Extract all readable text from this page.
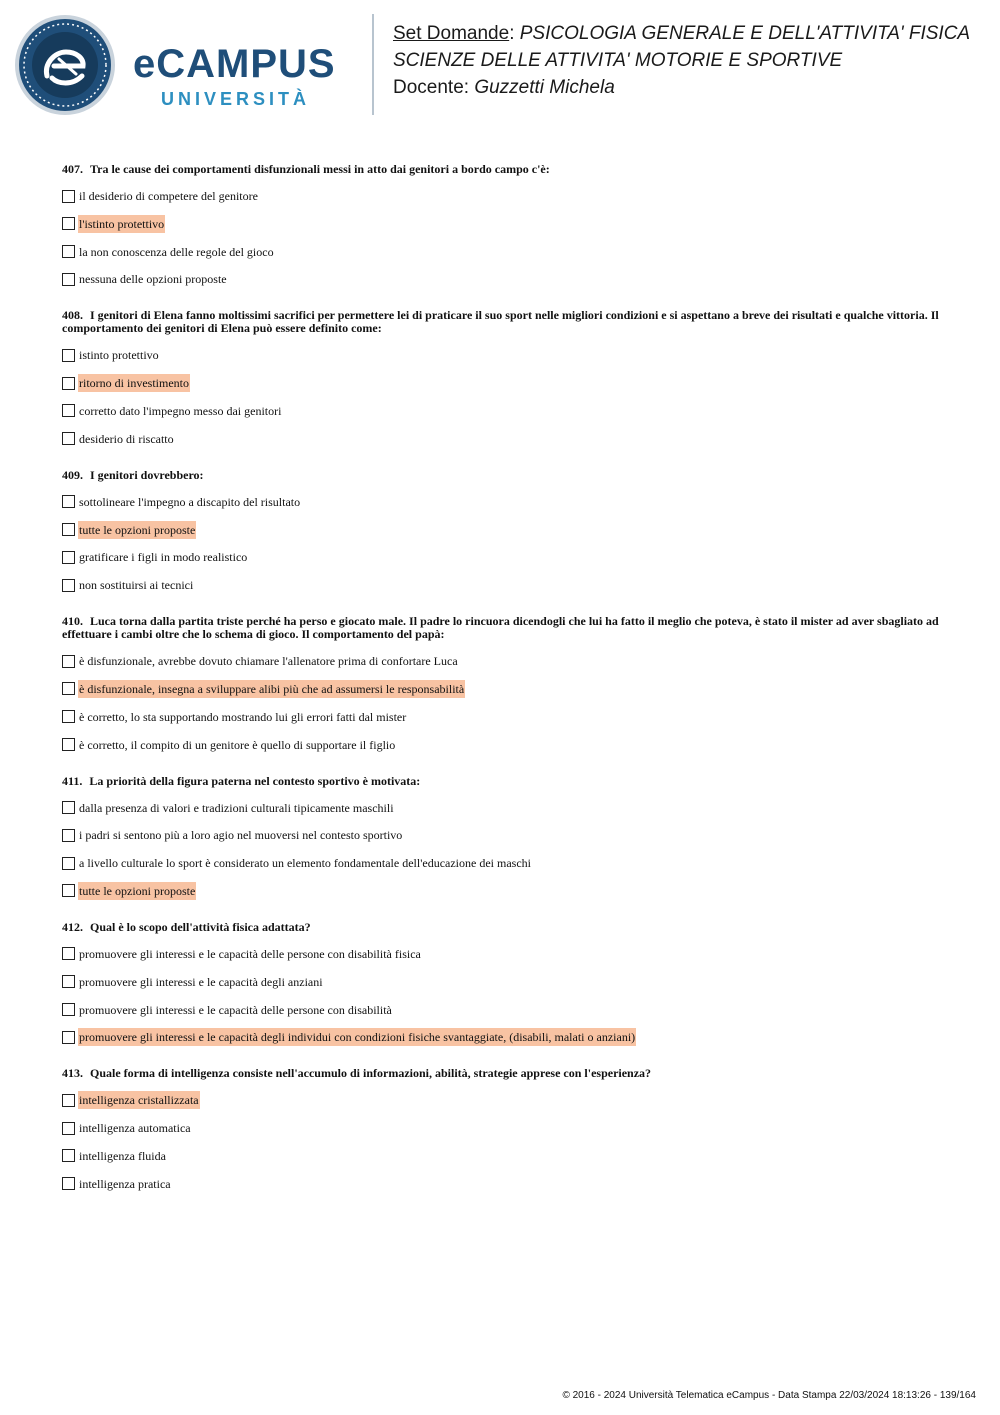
eCAMPUS
UNIVERSITÀ
Set Domande: PSICOLOGIA GENERALE E DELL'ATTIVITA' FISICA
SCIENZE DELLE ATTIVITA' MOTORIE E SPORTIVE
Docente: Guzzetti Michela
407. Tra le cause dei comportamenti disfunzionali messi in atto dai genitori a bordo campo c'è:
il desiderio di competere del genitore
l'istinto protettivo
la non conoscenza delle regole del gioco
nessuna delle opzioni proposte
408. I genitori di Elena fanno moltissimi sacrifici per permettere lei di praticare il suo sport nelle migliori condizioni e si aspettano a breve dei risultati e qualche vittoria. Il comportamento dei genitori di Elena può essere definito come:
istinto protettivo
ritorno di investimento
corretto dato l'impegno messo dai genitori
desiderio di riscatto
409. I genitori dovrebbero:
sottolineare l'impegno a discapito del risultato
tutte le opzioni proposte
gratificare i figli in modo realistico
non sostituirsi ai tecnici
410. Luca torna dalla partita triste perché ha perso e giocato male. Il padre lo rincuora dicendogli che lui ha fatto il meglio che poteva, è stato il mister ad aver sbagliato ad effettuare i cambi oltre che lo schema di gioco. Il comportamento del papà:
è disfunzionale, avrebbe dovuto chiamare l'allenatore prima di confortare Luca
è disfunzionale, insegna a sviluppare alibi più che ad assumersi le responsabilità
è corretto, lo sta supportando mostrando lui gli errori fatti dal mister
è corretto, il compito di un genitore è quello di supportare il figlio
411. La priorità della figura paterna nel contesto sportivo è motivata:
dalla presenza di valori e tradizioni culturali tipicamente maschili
i padri si sentono più a loro agio nel muoversi nel contesto sportivo
a livello culturale lo sport è considerato un elemento fondamentale dell'educazione dei maschi
tutte le opzioni proposte
412. Qual è lo scopo dell'attività fisica adattata?
promuovere gli interessi e le capacità delle persone con disabilità fisica
promuovere gli interessi e le capacità degli anziani
promuovere gli interessi e le capacità delle persone con disabilità
promuovere gli interessi e le capacità degli individui con condizioni fisiche svantaggiate, (disabili, malati o anziani)
413. Quale forma di intelligenza consiste nell'accumulo di informazioni, abilità, strategie apprese con l'esperienza?
intelligenza cristallizzata
intelligenza automatica
intelligenza fluida
intelligenza pratica
© 2016 - 2024 Università Telematica eCampus - Data Stampa 22/03/2024 18:13:26 - 139/164
